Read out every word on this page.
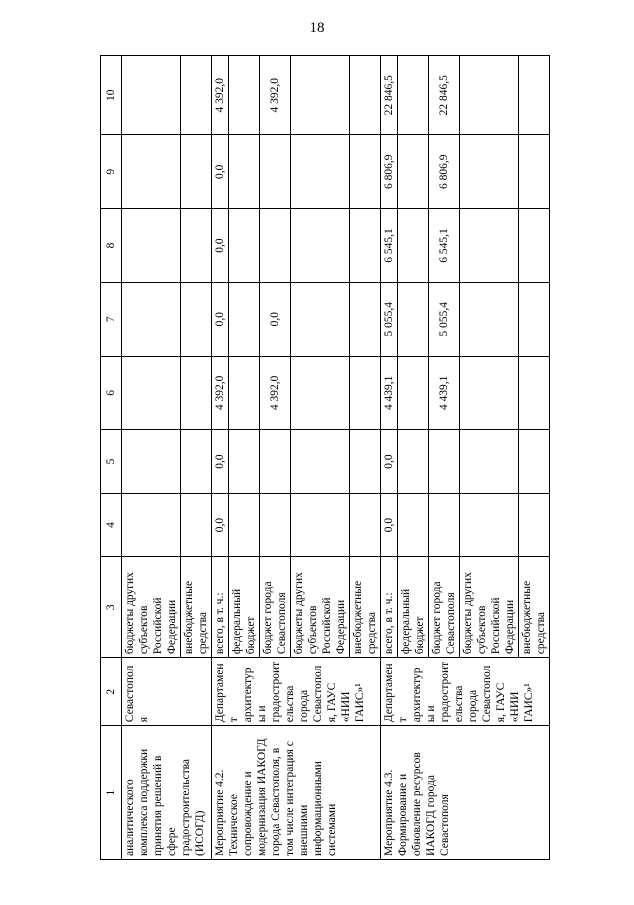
18
1	2	3	4	5	6	7	8	9	10
аналитического комплекса поддержки принятия решений в сфере градостроительства (ИСОГД)	Севастополя	бюджеты других субъектов Российской Федерации							
		внебюджетные средства							
Мероприятие 4.2. Техническое сопровождение и модернизация ИАКОГД города Севастополя, в том числе интеграция с внешними информационными системами	Департамент архитектуры и градостроительства города Севастополя, ГАУС «НИИ ГАИС»¹	всего, в т. ч.:	0,0	0,0	4 392,0	0,0	0,0	0,0	4 392,0
		федеральный бюджет							
		бюджет города Севастополя			4 392,0	0,0			4 392,0
		бюджеты других субъектов Российской Федерации							
		внебюджетные средства							
Мероприятие 4.3. Формирование и обновление ресурсов ИАКОГД города Севастополя	Департамент архитектуры и градостроительства города Севастополя, ГАУС «НИИ ГАИС»¹	всего, в т. ч.:	0,0	0,0	4 439,1	5 055,4	6 545,1	6 806,9	22 846,5
		федеральный бюджет							
		бюджет города Севастополя			4 439,1	5 055,4	6 545,1	6 806,9	22 846,5
		бюджеты других субъектов Российской Федерации							
		внебюджетные средства							
